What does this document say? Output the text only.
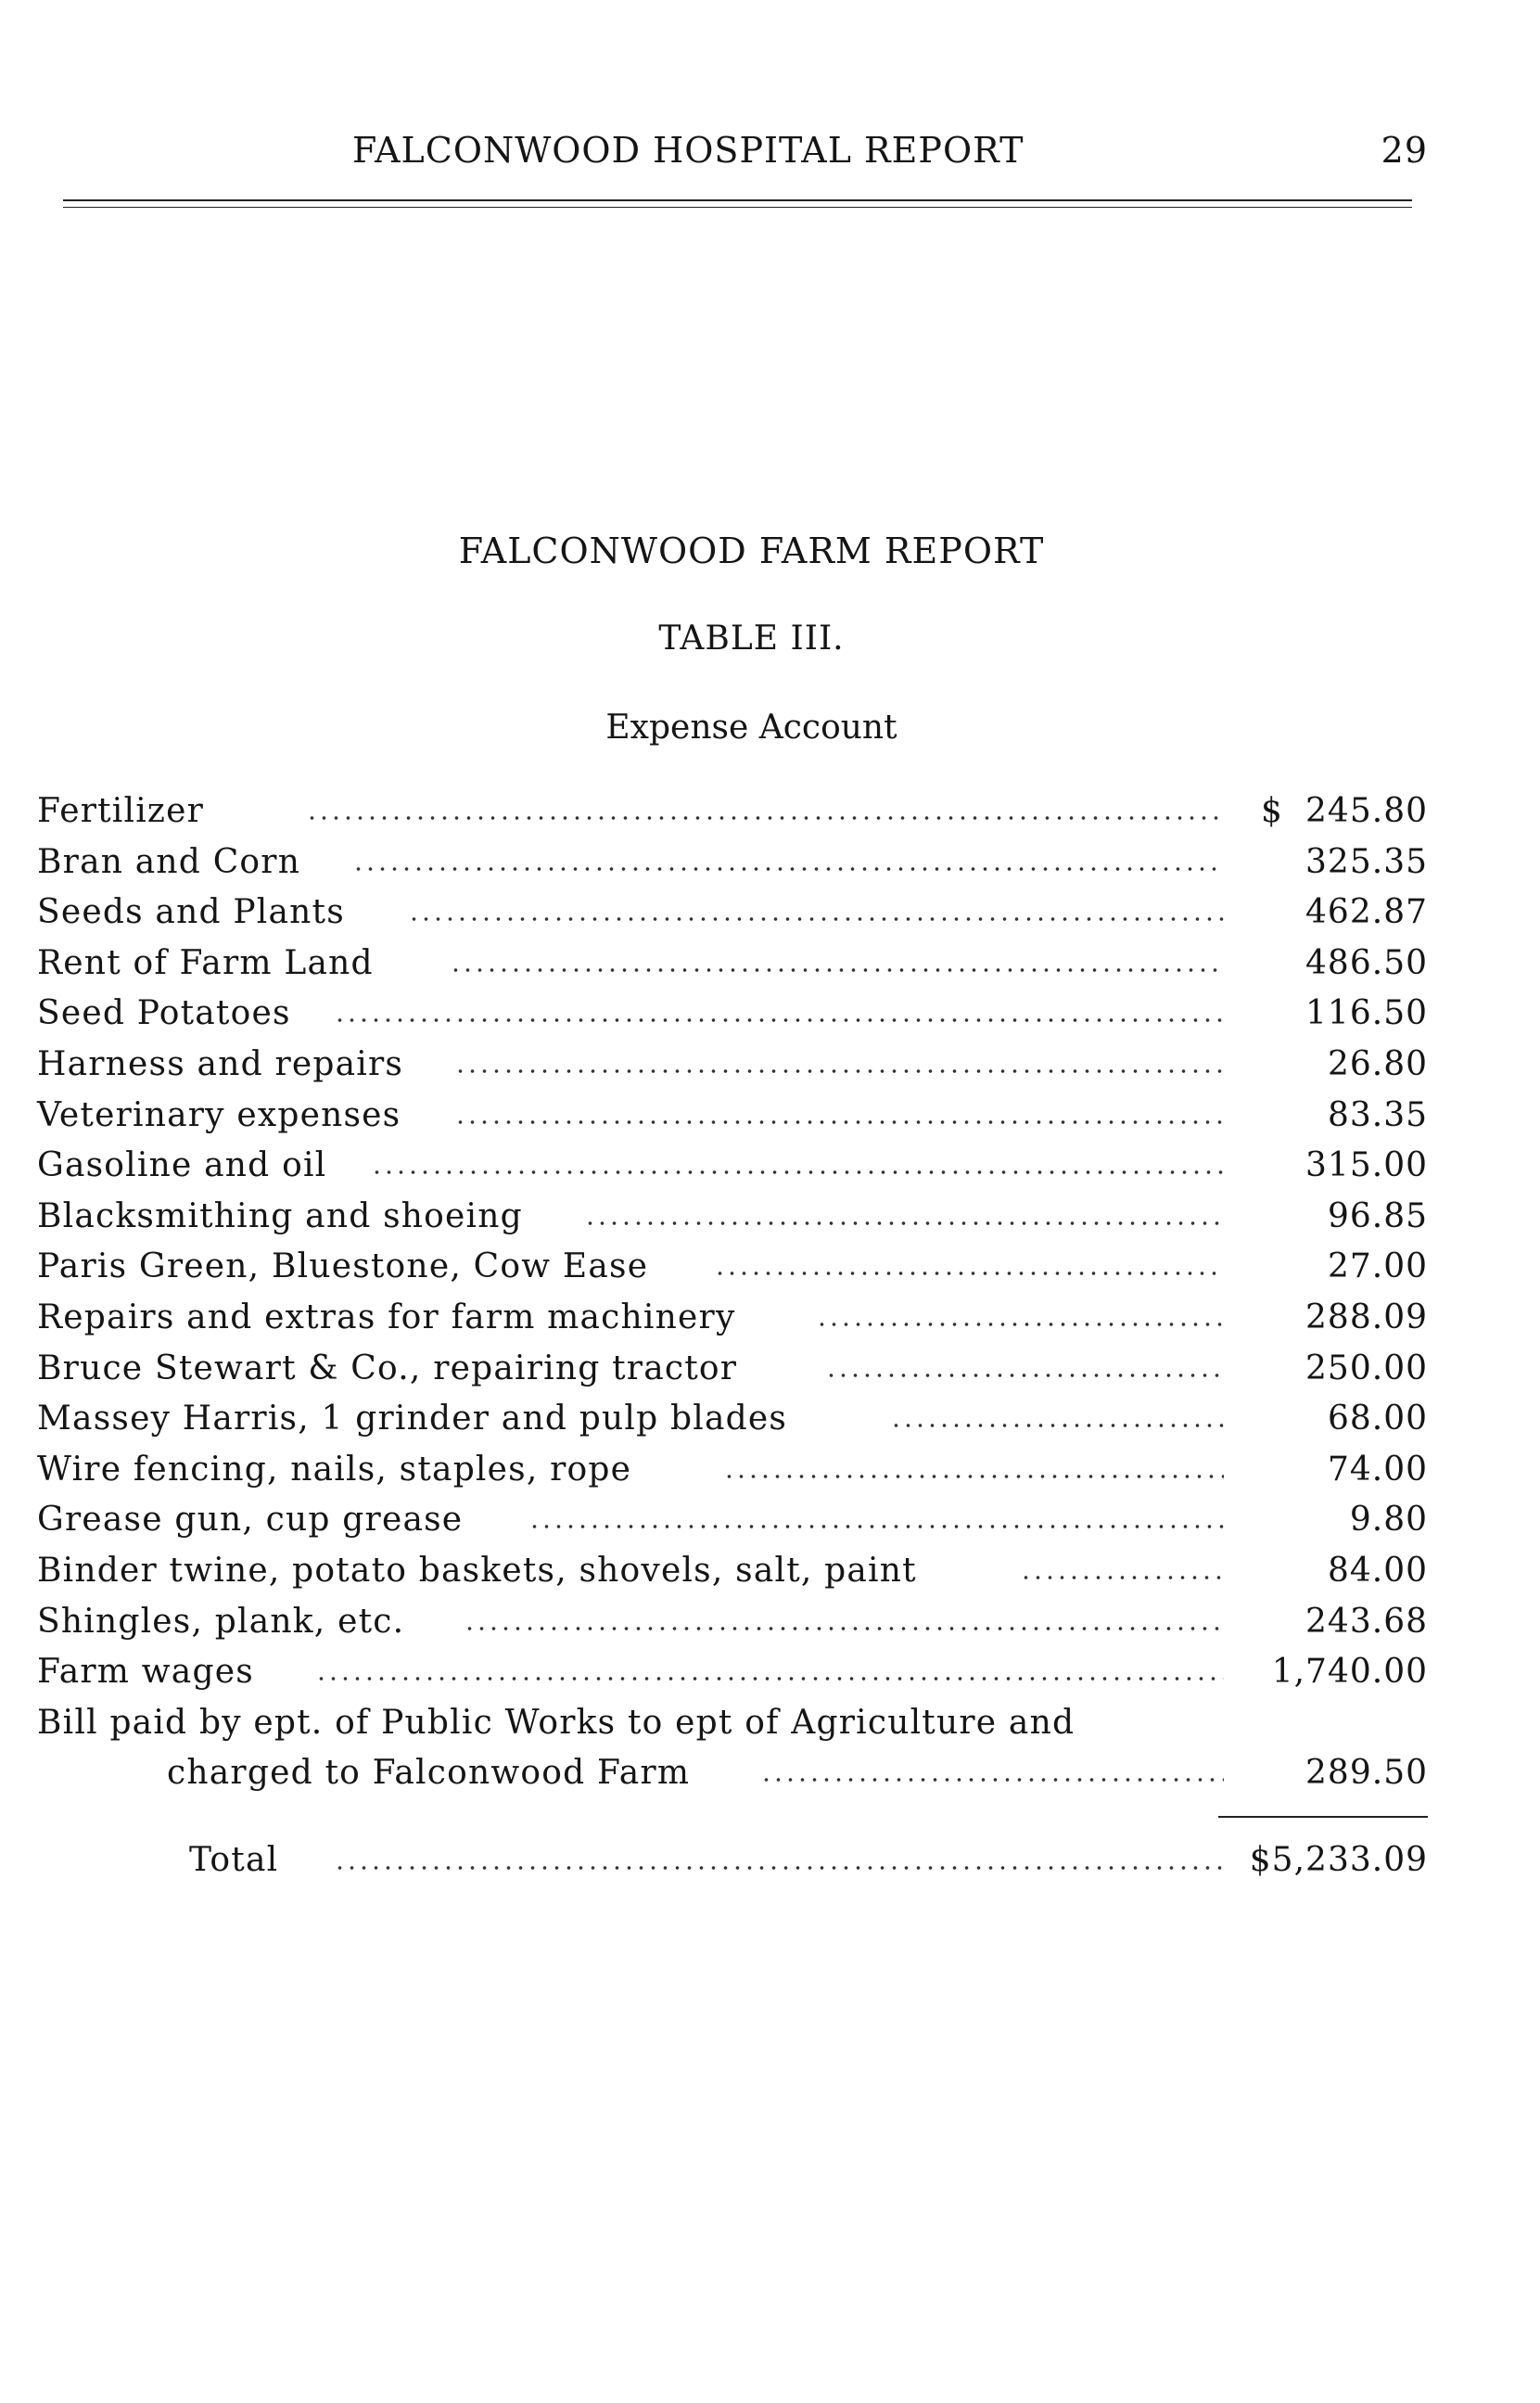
FALCONWOOD HOSPITAL REPORT	29
FALCONWOOD FARM REPORT
TABLE III.
Expense Account
Fertilizer	$ 245.80
Bran and Corn	325.35
Seeds and Plants	462.87
Rent of Farm Land	486.50
Seed Potatoes	116.50
Harness and repairs	26.80
Veterinary expenses	83.35
Gasoline and oil	315.00
Blacksmithing and shoeing	96.85
Paris Green, Bluestone, Cow Ease	27.00
Repairs and extras for farm machinery	288.09
Bruce Stewart & Co., repairing tractor	250.00
Massey Harris, 1 grinder and pulp blades	68.00
Wire fencing, nails, staples, rope	74.00
Grease gun, cup grease	9.80
Binder twine, potato baskets, shovels, salt, paint	84.00
Shingles, plank, etc.	243.68
Farm wages	1,740.00
Bill paid by ept. of Public Works to ept of Agriculture and
charged to Falconwood Farm	289.50
Total	$5,233.09
